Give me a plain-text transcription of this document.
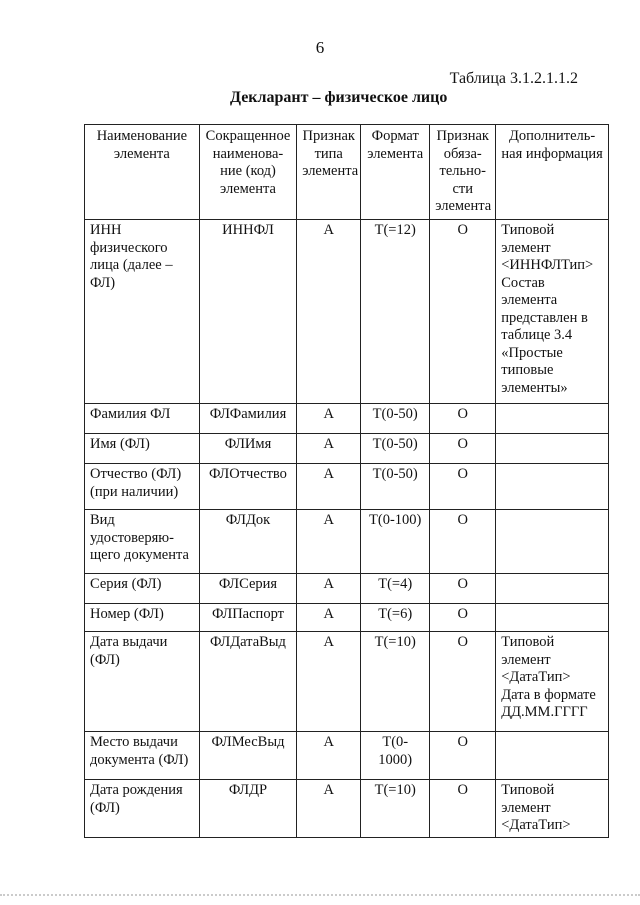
6
Таблица 3.1.2.1.1.2
Декларант – физическое лицо
Наименование элемента	Сокращенное наименова-ние (код) элемента	Признак типа элемента	Формат элемента	Признак обяза-тельно-сти элемента	Дополнитель-ная информация
ИНН физического лица (далее – ФЛ)	ИННФЛ	А	Т(=12)	О	Типовой элемент <ИННФЛТип> Состав элемента представлен в таблице 3.4 «Простые типовые элементы»
Фамилия ФЛ	ФЛФамилия	А	Т(0-50)	О	
Имя (ФЛ)	ФЛИмя	А	Т(0-50)	О	
Отчество (ФЛ) (при наличии)	ФЛОтчество	А	Т(0-50)	О	
Вид удостоверяю-щего документа	ФЛДок	А	Т(0-100)	О	
Серия (ФЛ)	ФЛСерия	А	Т(=4)	О	
Номер (ФЛ)	ФЛПаспорт	А	Т(=6)	О	
Дата выдачи (ФЛ)	ФЛДатаВыд	А	Т(=10)	О	Типовой элемент <ДатаТип> Дата в формате ДД.ММ.ГГГГ
Место выдачи документа (ФЛ)	ФЛМесВыд	А	Т(0-1000)	О	
Дата рождения (ФЛ)	ФЛДР	А	Т(=10)	О	Типовой элемент <ДатаТип>
